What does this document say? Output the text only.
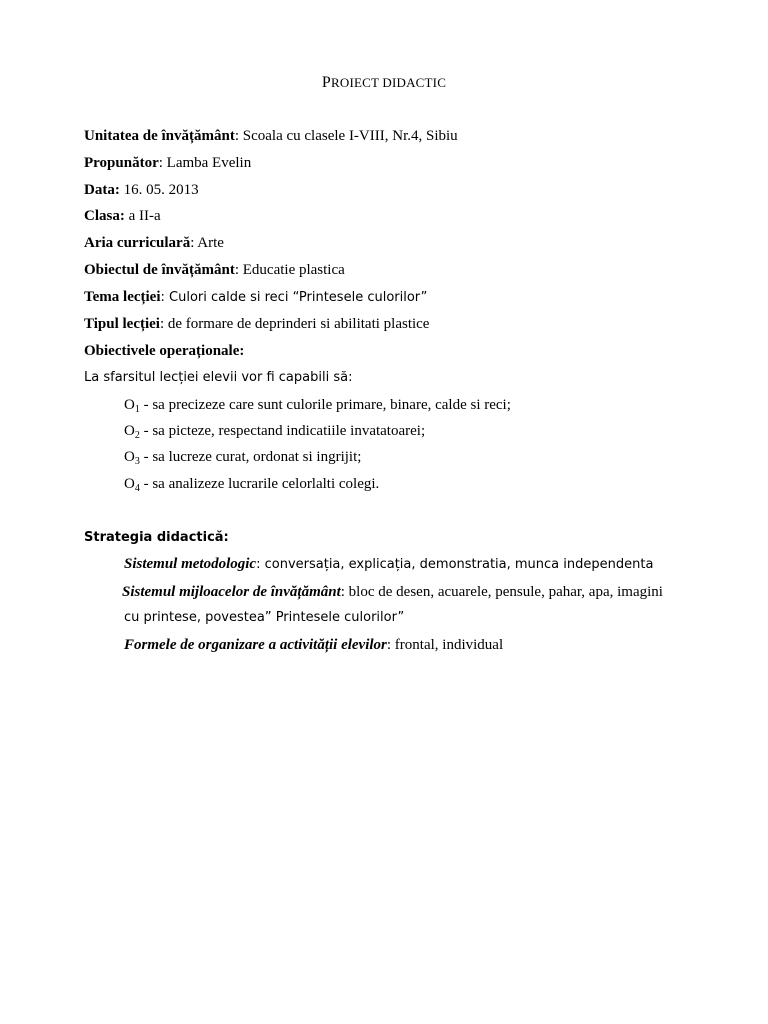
PROIECT DIDACTIC
Unitatea de învățământ: Scoala cu clasele I-VIII, Nr.4, Sibiu
Propunător: Lamba Evelin
Data: 16. 05. 2013
Clasa: a II-a
Aria curriculară: Arte
Obiectul de învățământ: Educatie plastica
Tema lecției: Culori calde si reci “Printesele culorilor”
Tipul lecției: de formare de deprinderi si abilitati plastice
Obiectivele operaționale:
La sfarsitul lecției elevii vor fi capabili să:
$O_1$ - sa precizeze care sunt culorile primare, binare, calde si reci;
$O_2$ - sa picteze, respectand indicatiile invatatoarei;
$O_3$ - sa lucreze curat, ordonat si ingrijit;
$O_4$ - sa analizeze lucrarile celorlalti colegi.
Strategia didactică:
Sistemul metodologic: conversația, explicația, demonstratia, munca independenta
Sistemul mijloacelor de învățământ: bloc de desen, acuarele, pensule, pahar, apa, imagini
cu printese, povestea” Printesele culorilor”
Formele de organizare a activității elevilor: frontal, individual
